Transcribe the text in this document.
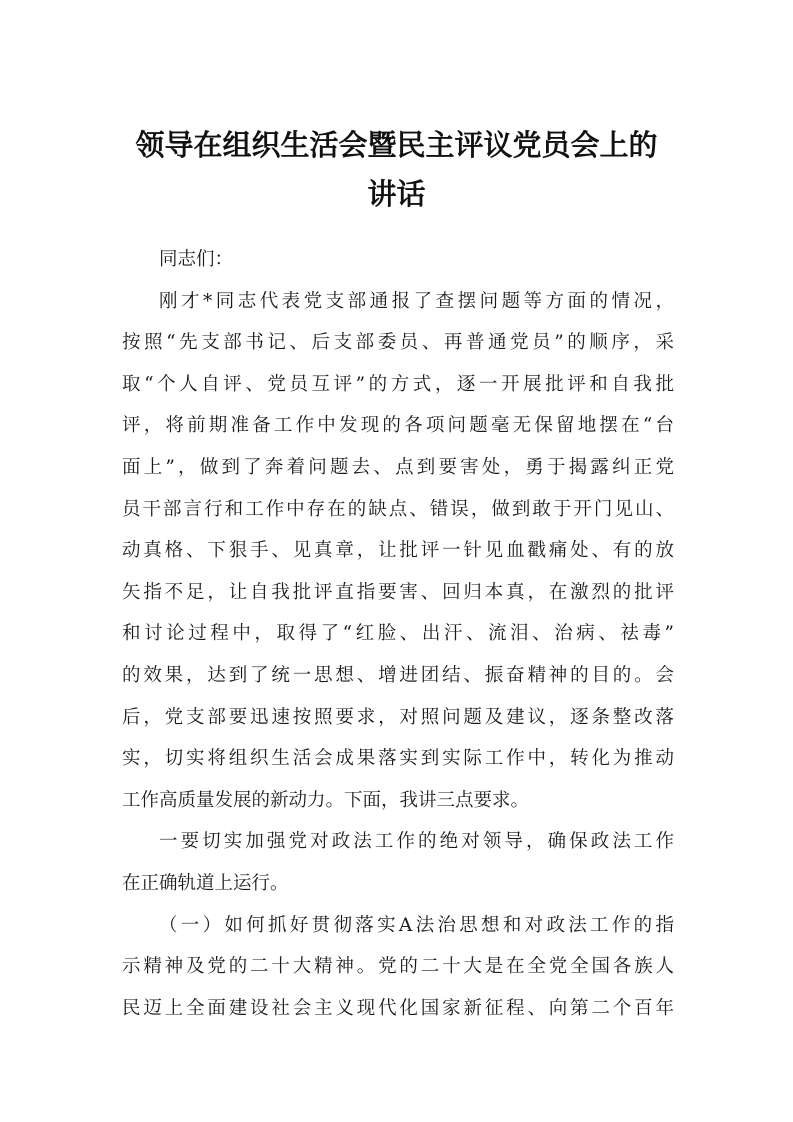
领导在组织生活会暨民主评议党员会上的
讲话

同志们：

刚才*同志代表党支部通报了查摆问题等方面的情况，
按照“先支部书记、后支部委员、再普通党员”的顺序，采
取“个人自评、党员互评”的方式，逐一开展批评和自我批
评，将前期准备工作中发现的各项问题毫无保留地摆在“台
面上”，做到了奔着问题去、点到要害处，勇于揭露纠正党
员干部言行和工作中存在的缺点、错误，做到敢于开门见山、
动真格、下狠手、见真章，让批评一针见血戳痛处、有的放
矢指不足，让自我批评直指要害、回归本真，在激烈的批评
和讨论过程中，取得了“红脸、出汗、流泪、治病、祛毒”
的效果，达到了统一思想、增进团结、振奋精神的目的。会
后，党支部要迅速按照要求，对照问题及建议，逐条整改落
实，切实将组织生活会成果落实到实际工作中，转化为推动
工作高质量发展的新动力。下面，我讲三点要求。

一要切实加强党对政法工作的绝对领导，确保政法工作
在正确轨道上运行。

（一）如何抓好贯彻落实A法治思想和对政法工作的指
示精神及党的二十大精神。党的二十大是在全党全国各族人
民迈上全面建设社会主义现代化国家新征程、向第二个百年
